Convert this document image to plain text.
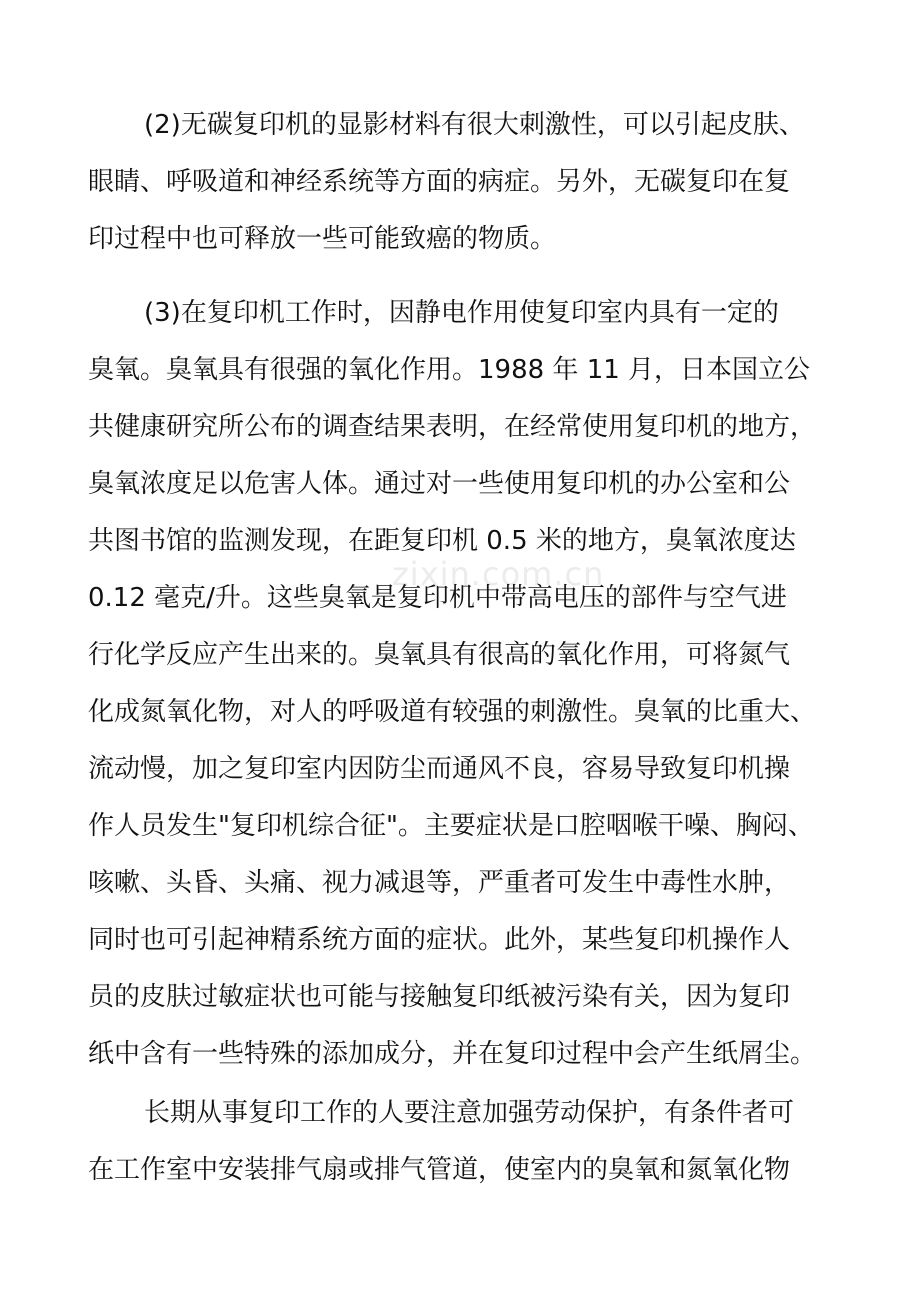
zixin.com.cn
(2)无碳复印机的显影材料有很大刺激性，可以引起皮肤、
眼睛、呼吸道和神经系统等方面的病症。另外，无碳复印在复
印过程中也可释放一些可能致癌的物质。
(3)在复印机工作时，因静电作用使复印室内具有一定的
臭氧。臭氧具有很强的氧化作用。1988 年 11 月，日本国立公
共健康研究所公布的调查结果表明，在经常使用复印机的地方，
臭氧浓度足以危害人体。通过对一些使用复印机的办公室和公
共图书馆的监测发现，在距复印机 0.5 米的地方，臭氧浓度达
0.12 毫克/升。这些臭氧是复印机中带高电压的部件与空气进
行化学反应产生出来的。臭氧具有很高的氧化作用，可将氮气
化成氮氧化物，对人的呼吸道有较强的刺激性。臭氧的比重大、
流动慢，加之复印室内因防尘而通风不良，容易导致复印机操
作人员发生"复印机综合征"。主要症状是口腔咽喉干噪、胸闷、
咳嗽、头昏、头痛、视力减退等，严重者可发生中毒性水肿，
同时也可引起神精系统方面的症状。此外，某些复印机操作人
员的皮肤过敏症状也可能与接触复印纸被污染有关，因为复印
纸中含有一些特殊的添加成分，并在复印过程中会产生纸屑尘。
长期从事复印工作的人要注意加强劳动保护，有条件者可
在工作室中安装排气扇或排气管道，使室内的臭氧和氮氧化物
